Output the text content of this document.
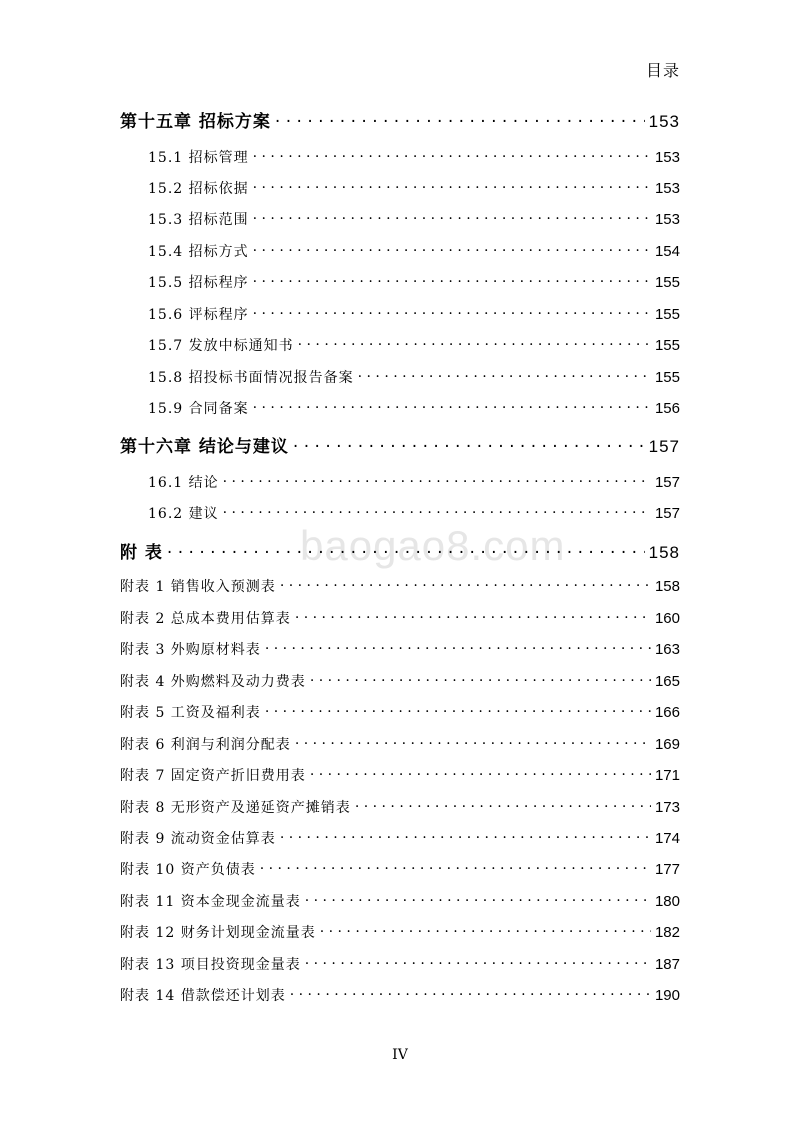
目录
baogao8.com
第十五章 招标方案 . . .	153
15.1 招标管理 . . .	153
15.2 招标依据 . . .	153
15.3 招标范围 . . .	153
15.4 招标方式 . . .	154
15.5 招标程序 . . .	155
15.6 评标程序 . . .	155
15.7 发放中标通知书 . . .	155
15.8 招投标书面情况报告备案 . . .	155
15.9 合同备案 . . .	156
第十六章 结论与建议 . . .	157
16.1 结论 . . .	157
16.2 建议 . . .	157
附 表 . . .	158
附表 1 销售收入预测表 . . .	158
附表 2 总成本费用估算表 . . .	160
附表 3 外购原材料表 . . .	163
附表 4 外购燃料及动力费表 . . .	165
附表 5 工资及福利表 . . .	166
附表 6 利润与利润分配表 . . .	169
附表 7 固定资产折旧费用表 . . .	171
附表 8 无形资产及递延资产摊销表 . . .	173
附表 9 流动资金估算表 . . .	174
附表 10 资产负债表 . . .	177
附表 11 资本金现金流量表 . . .	180
附表 12 财务计划现金流量表 . . .	182
附表 13 项目投资现金量表 . . .	187
附表 14 借款偿还计划表 . . .	190
IV
